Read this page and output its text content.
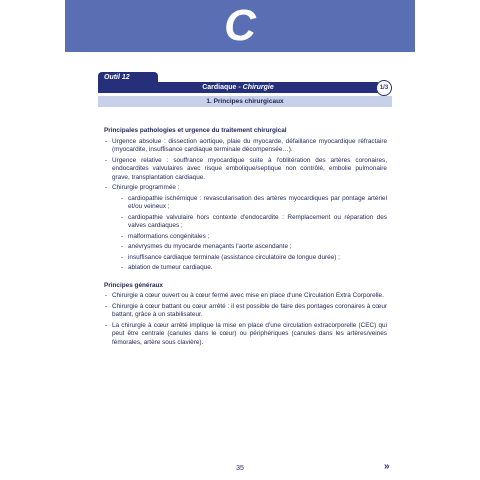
C
Outil 12
Cardiaque - Chirurgie	1/3
1. Principes chirurgicaux
Principales pathologies et urgence du traitement chirurgical
- Urgence absolue : dissection aortique, plaie du myocarde, défaillance myocardique réfractaire (myocardite, insuffisance cardiaque terminale décompensée…).
- Urgence relative : souffrance myocardique suite à l'oblitération des artères coronaires, endocardites valvulaires avec risque embolique/septique non contrôlé, embolie pulmonaire grave, transplantation cardiaque.
- Chirurgie programmée :
- cardiopathie ischémique : revascularisation des artères myocardiques par pontage artériel et/ou veineux ;
- cardiopathie valvulaire hors contexte d'endocardite : Remplacement ou réparation des valves cardiaques ;
- malformations congénitales ;
- anévrysmes du myocarde menaçants l'aorte ascendante ;
- insuffisance cardiaque terminale (assistance circulatoire de longue durée) ;
- ablation de tumeur cardiaque.
Principes généraux
- Chirurgie à cœur ouvert ou à cœur fermé avec mise en place d'une Circulation Extra Corporelle.
- Chirurgie à cœur battant ou cœur arrêté : il est possible de faire des pontages coronaires à cœur battant, grâce à un stabilisateur.
- La chirurgie à cœur arrêté implique la mise en place d'une circulation extracorporelle (CEC) qui peut être centrale (canules dans le cœur) ou périphériques (canules dans les artères/veines fémorales, artère sous clavière).
35	»
